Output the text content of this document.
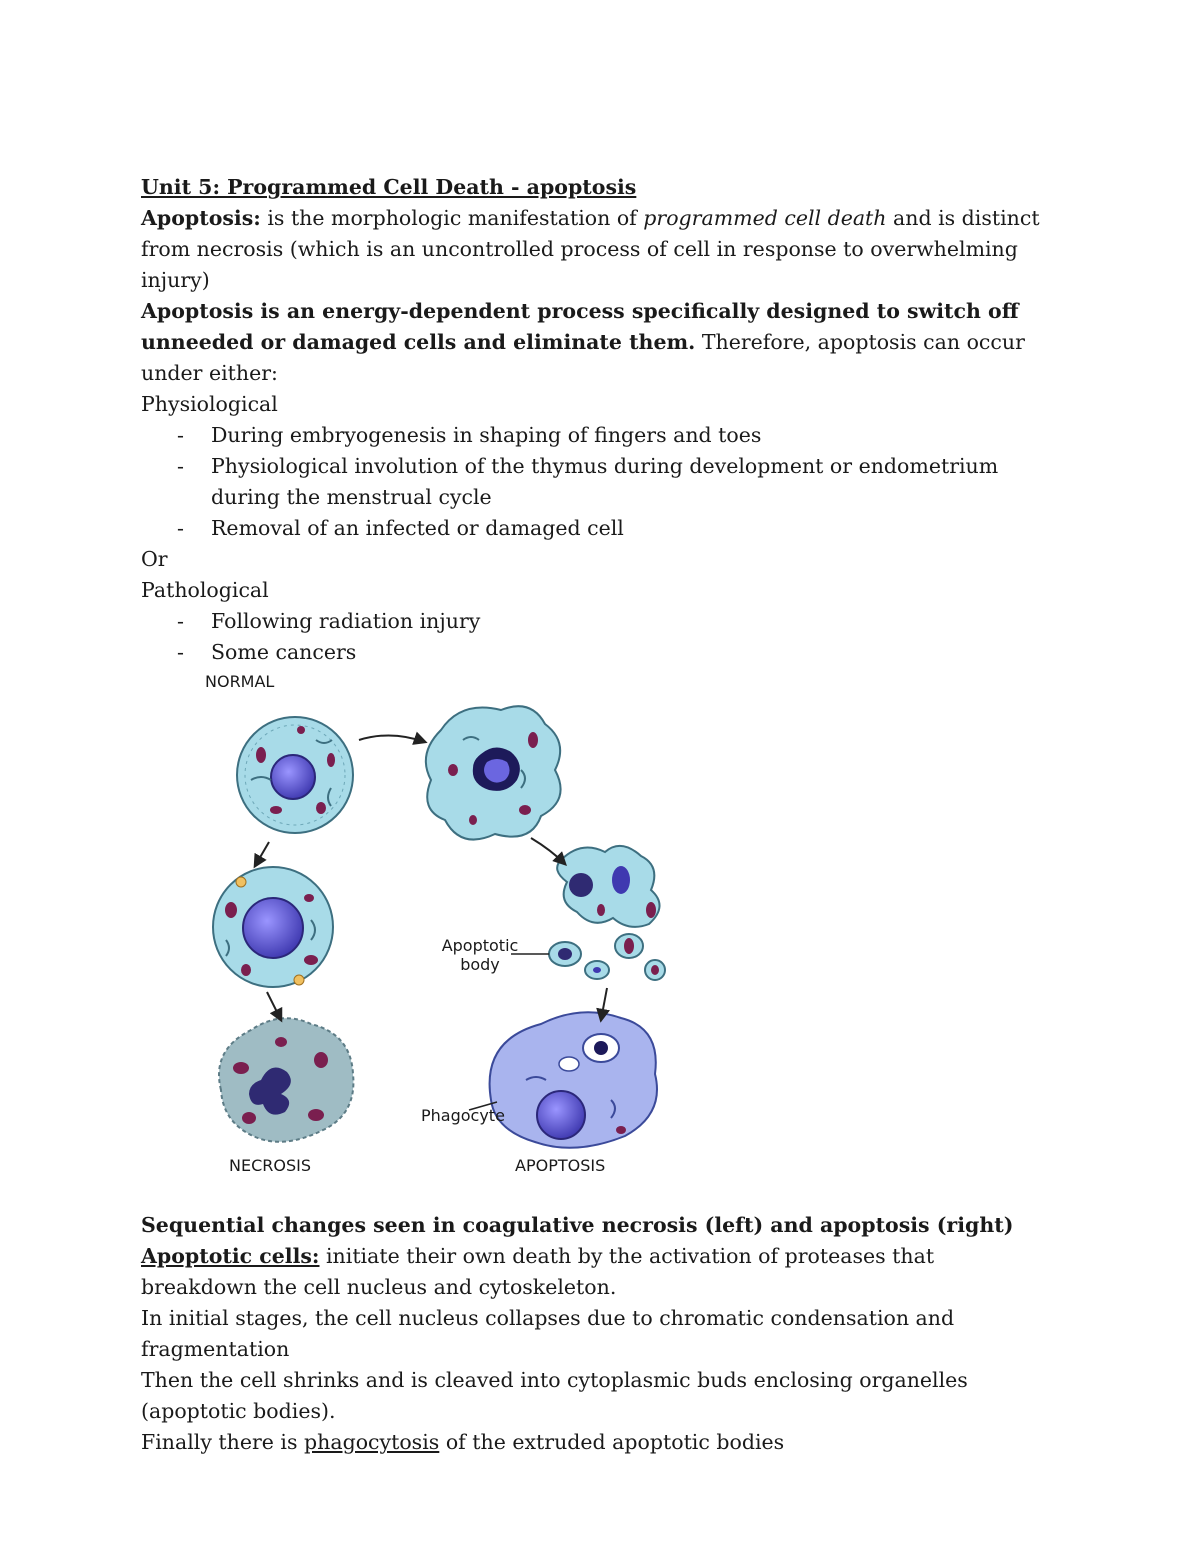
Unit 5: Programmed Cell Death - apoptosis

Apoptosis: is the morphologic manifestation of programmed cell death and is distinct from necrosis (which is an uncontrolled process of cell in response to overwhelming injury)

Apoptosis is an energy-dependent process specifically designed to switch off unneeded or damaged cells and eliminate them. Therefore, apoptosis can occur under either:

Physiological

- During embryogenesis in shaping of fingers and toes
- Physiological involution of the thymus during development or endometrium during the menstrual cycle
- Removal of an infected or damaged cell

Or

Pathological

- Following radiation injury
- Some cancers
NORMAL
Apoptotic
body
Phagocyte
NECROSIS	APOPTOSIS

Sequential changes seen in coagulative necrosis (left) and apoptosis (right)

Apoptotic cells: initiate their own death by the activation of proteases that breakdown the cell nucleus and cytoskeleton.

In initial stages, the cell nucleus collapses due to chromatic condensation and fragmentation

Then the cell shrinks and is cleaved into cytoplasmic buds enclosing organelles (apoptotic bodies).

Finally there is phagocytosis of the extruded apoptotic bodies
